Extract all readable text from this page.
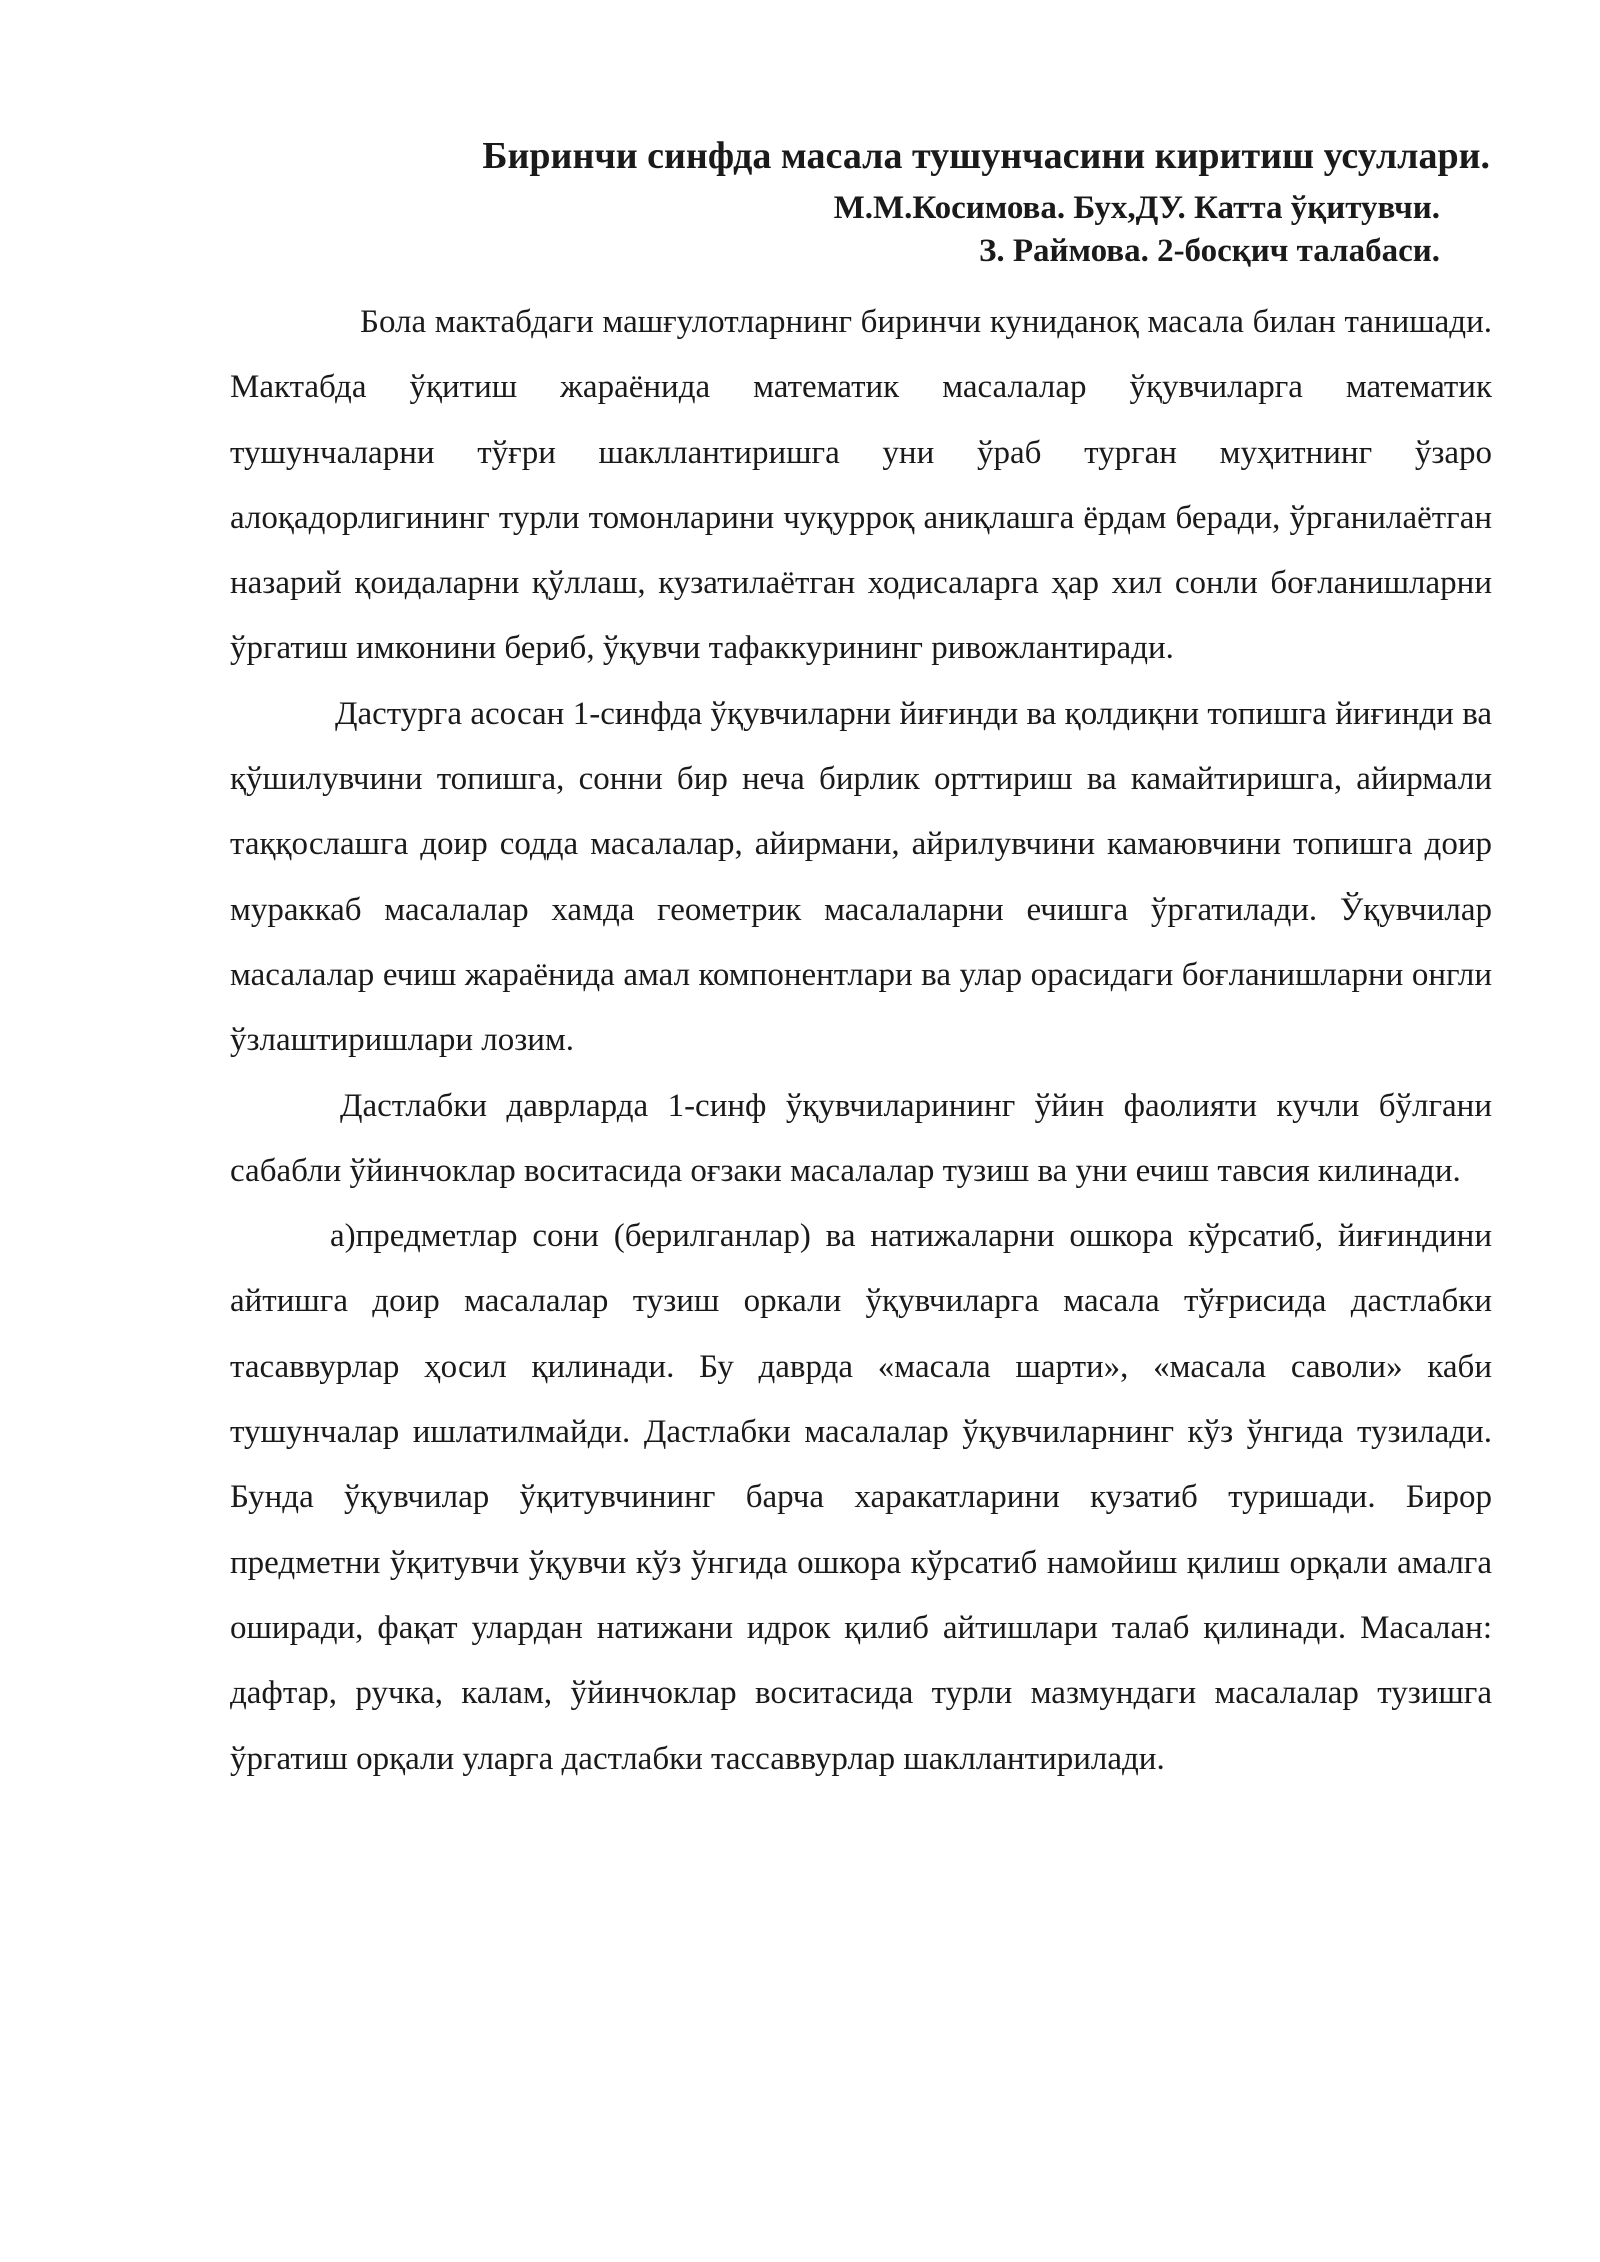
Биринчи синфда масала тушунчасини киритиш усуллари.
М.М.Косимова. Бух,ДУ. Катта ўқитувчи.
З. Раймова. 2-босқич талабаси.

Бола мактабдаги машғулотларнинг биринчи куниданоқ масала билан танишади. Мактабда ўқитиш жараёнида математик масалалар ўқувчиларга математик тушунчаларни тўғри шакллантиришга уни ўраб турган муҳитнинг ўзаро алоқадорлигининг турли томонларини чуқурроқ аниқлашга ёрдам беради, ўрганилаётган назарий қоидаларни қўллаш, кузатилаётган ходисаларга ҳар хил сонли боғланишларни ўргатиш имконини бериб, ўқувчи тафаккурининг ривожлантиради.

Дастурга асосан 1-синфда ўқувчиларни йиғинди ва қолдиқни топишга йиғинди ва қўшилувчини топишга, сонни бир неча бирлик орттириш ва камайтиришга, айирмали таққослашга доир содда масалалар, айирмани, айрилувчини камаювчини топишга доир мураккаб масалалар хамда геометрик масалаларни ечишга ўргатилади. Ўқувчилар масалалар ечиш жараёнида амал компонентлари ва улар орасидаги боғланишларни онгли ўзлаштиришлари лозим.

Дастлабки даврларда 1-синф ўқувчиларининг ўйин фаолияти кучли бўлгани сабабли ўйинчоклар воситасида оғзаки масалалар тузиш ва уни ечиш тавсия килинади.

а)предметлар сони (берилганлар) ва натижаларни ошкора кўрсатиб, йиғиндини айтишга доир масалалар тузиш оркали ўқувчиларга масала тўғрисида дастлабки тасаввурлар ҳосил қилинади. Бу даврда «масала шарти», «масала саволи» каби тушунчалар ишлатилмайди. Дастлабки масалалар ўқувчиларнинг кўз ўнгида тузилади. Бунда ўқувчилар ўқитувчининг барча харакатларини кузатиб туришади. Бирор предметни ўқитувчи ўқувчи кўз ўнгида ошкора кўрсатиб намойиш қилиш орқали амалга оширади, фақат улардан натижани идрок қилиб айтишлари талаб қилинади. Масалан: дафтар, ручка, калам, ўйинчоклар воситасида турли мазмундаги масалалар тузишга ўргатиш орқали уларга дастлабки тассаввурлар шакллантирилади.
